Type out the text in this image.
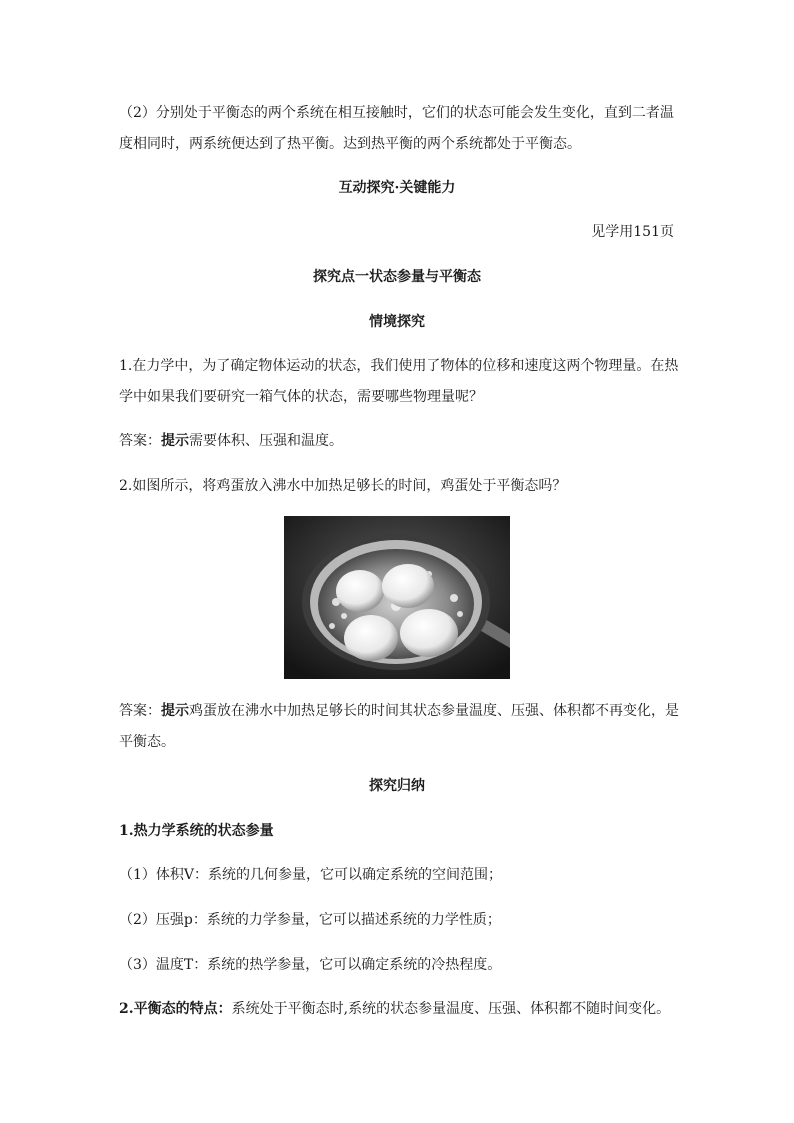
（2）分别处于平衡态的两个系统在相互接触时，它们的状态可能会发生变化，直到二者温
度相同时，两系统便达到了热平衡。达到热平衡的两个系统都处于平衡态。
互动探究·关键能力
见学用151页
探究点一状态参量与平衡态
情境探究
1.在力学中，为了确定物体运动的状态，我们使用了物体的位移和速度这两个物理量。在热
学中如果我们要研究一箱气体的状态，需要哪些物理量呢？
答案：提示需要体积、压强和温度。
2.如图所示，将鸡蛋放入沸水中加热足够长的时间，鸡蛋处于平衡态吗？
答案：提示鸡蛋放在沸水中加热足够长的时间其状态参量温度、压强、体积都不再变化，是
平衡态。
探究归纳
1.热力学系统的状态参量
（1）体积V：系统的几何参量，它可以确定系统的空间范围；
（2）压强p：系统的力学参量，它可以描述系统的力学性质；
（3）温度T：系统的热学参量，它可以确定系统的冷热程度。
2.平衡态的特点：系统处于平衡态时,系统的状态参量温度、压强、体积都不随时间变化。
